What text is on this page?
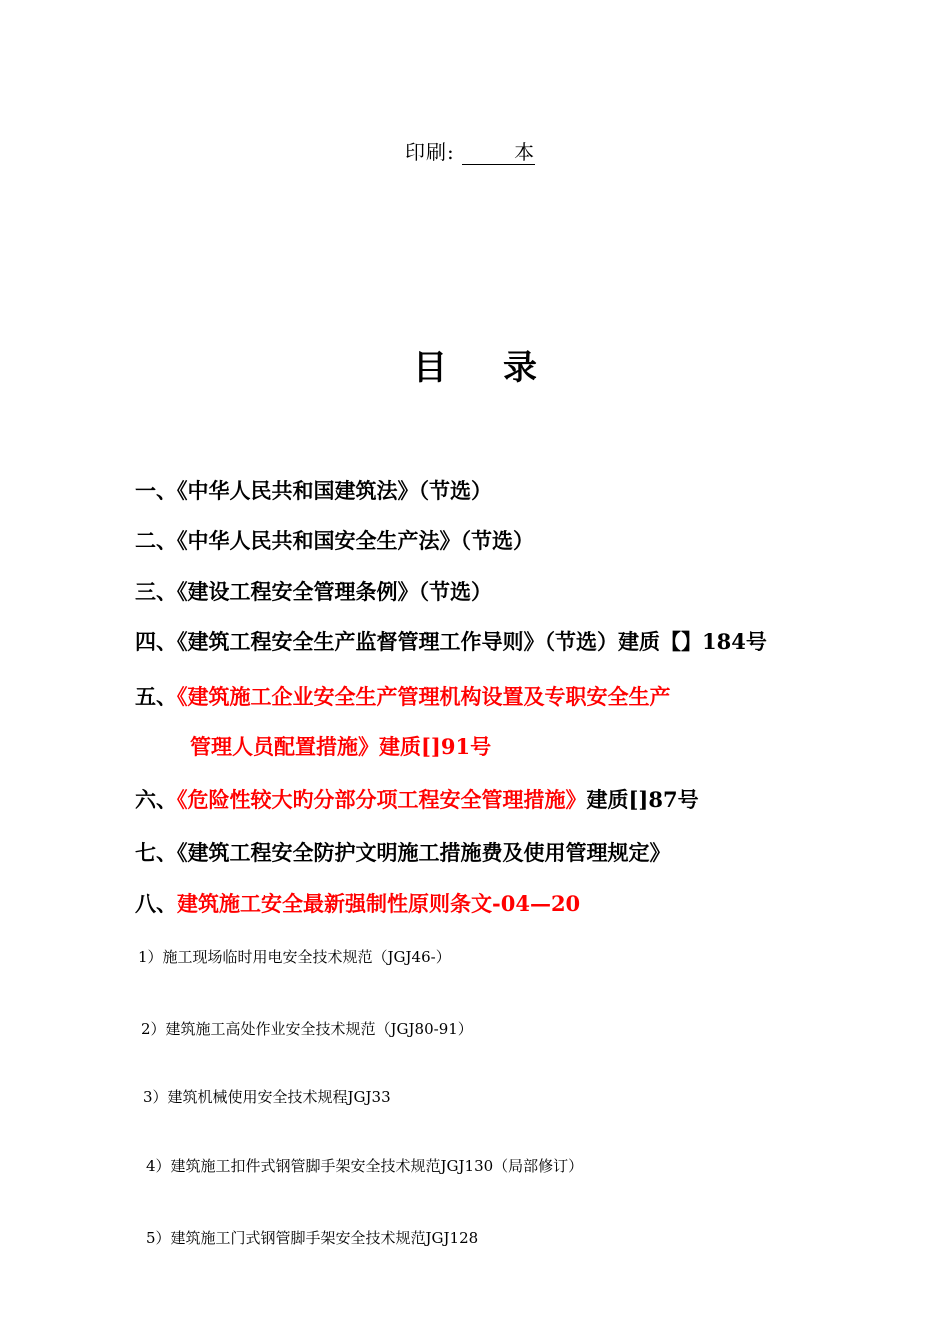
印刷:	本
目录
一、《中华人民共和国建筑法》（节选）
二、《中华人民共和国安全生产法》（节选）
三、《建设工程安全管理条例》（节选）
四、《建筑工程安全生产监督管理工作导则》（节选）建质【】184号
五、《建筑施工企业安全生产管理机构设置及专职安全生产
管理人员配置措施》建质[]91号
六、《危险性较大旳分部分项工程安全管理措施》建质[]87号
七、《建筑工程安全防护文明施工措施费及使用管理规定》
八、建筑施工安全最新强制性原则条文-04—20
1）施工现场临时用电安全技术规范（JGJ46-）
2）建筑施工高处作业安全技术规范（JGJ80-91）
3）建筑机械使用安全技术规程JGJ33
4）建筑施工扣件式钢管脚手架安全技术规范JGJ130（局部修订）
5）建筑施工门式钢管脚手架安全技术规范JGJ128
